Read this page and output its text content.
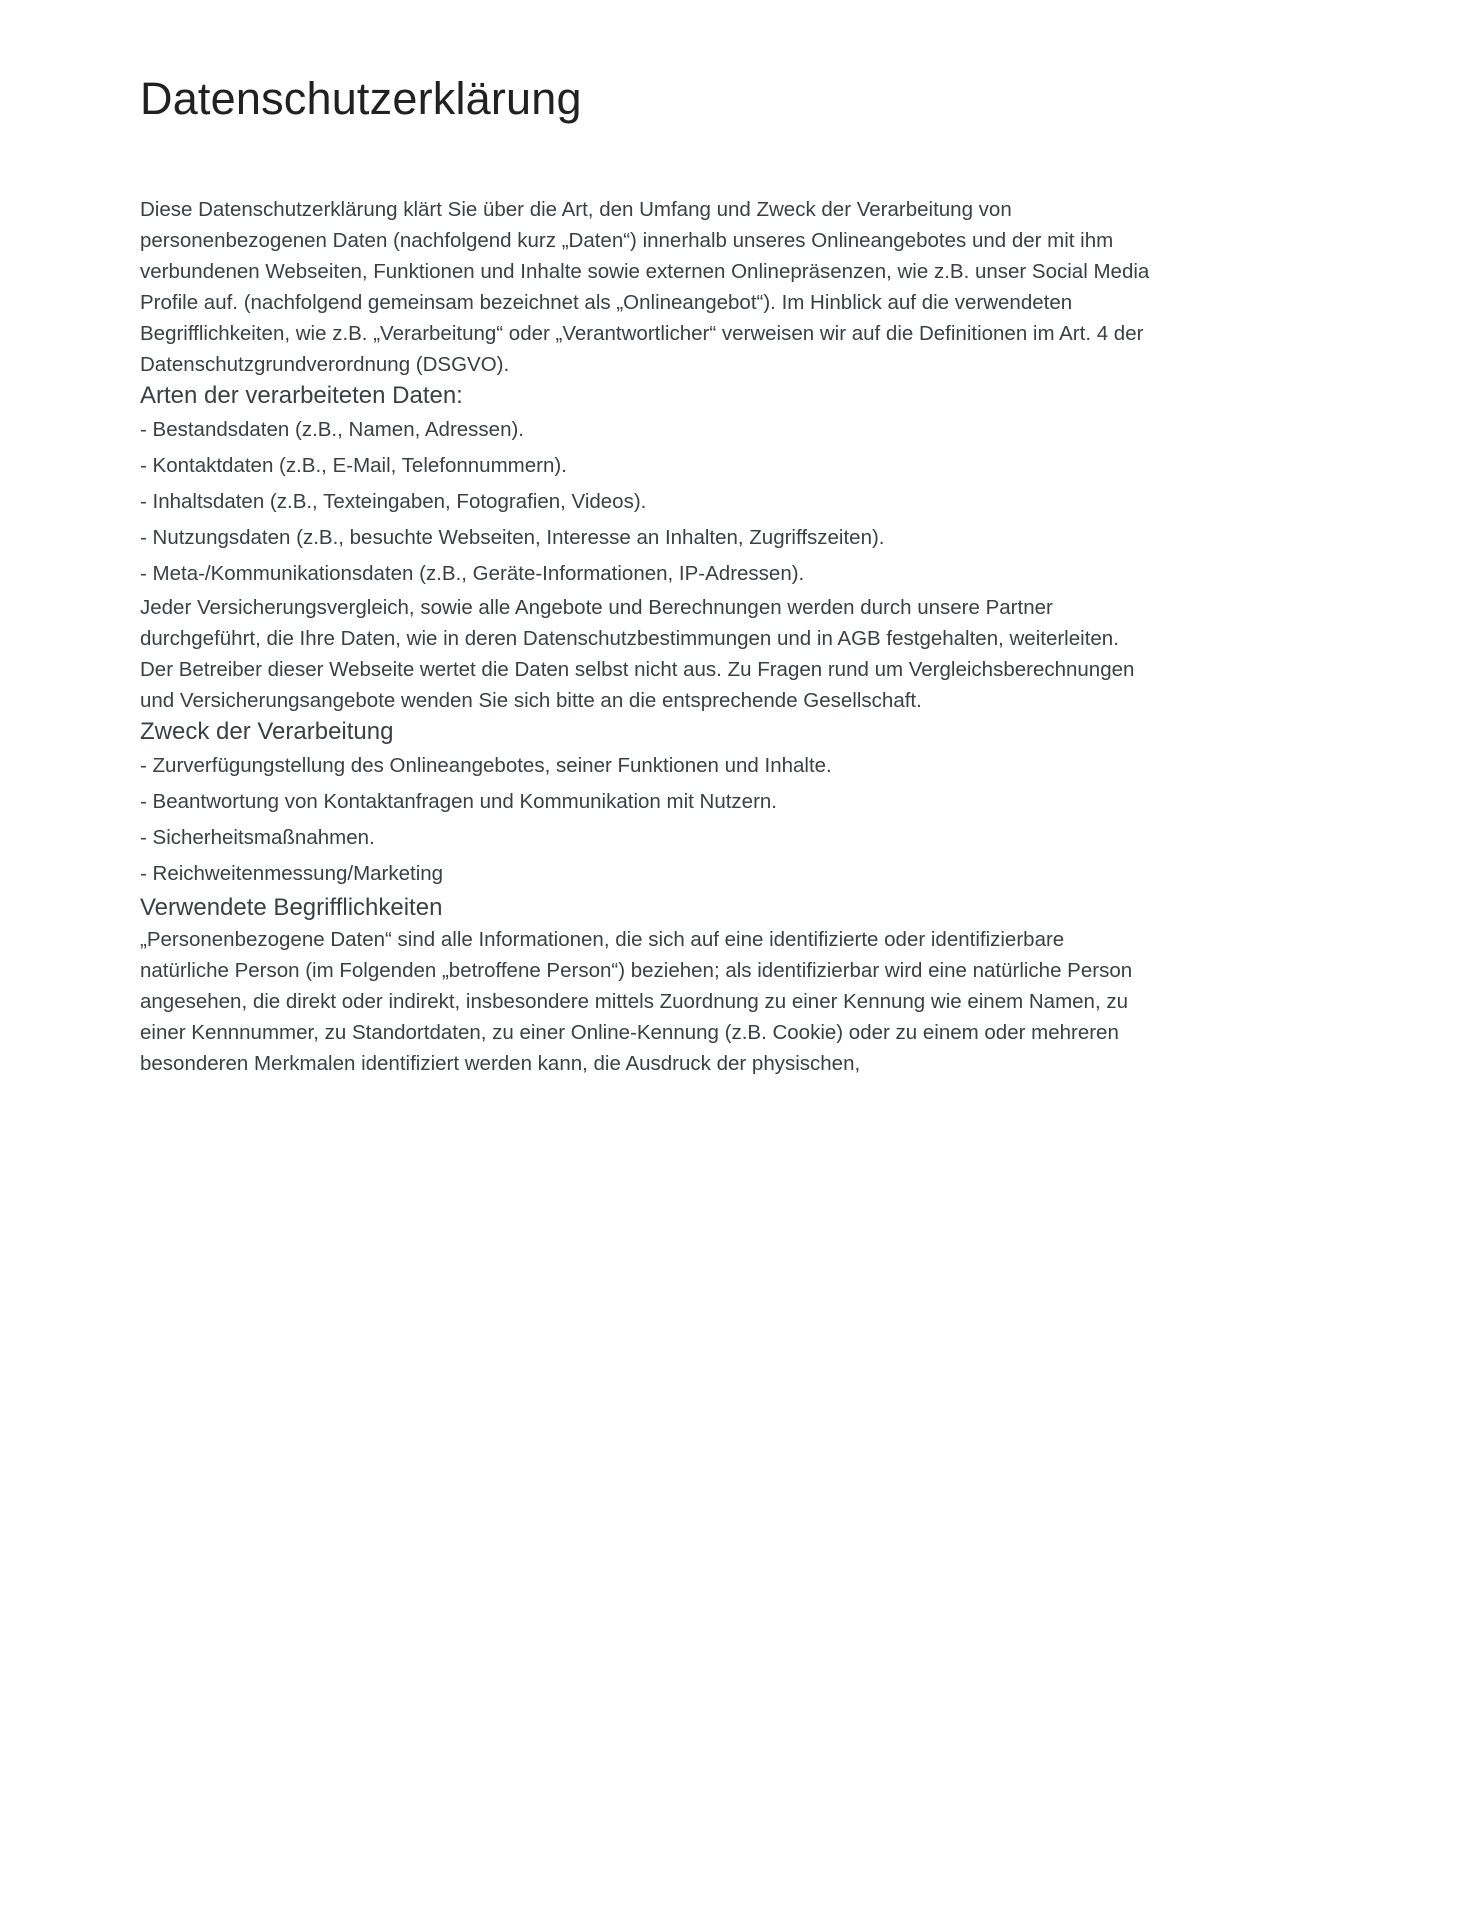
Datenschutzerklärung

Diese Datenschutzerklärung klärt Sie über die Art, den Umfang und Zweck der Verarbeitung von personenbezogenen Daten (nachfolgend kurz „Daten“) innerhalb unseres Onlineangebotes und der mit ihm verbundenen Webseiten, Funktionen und Inhalte sowie externen Onlinepräsenzen, wie z.B. unser Social Media Profile auf. (nachfolgend gemeinsam bezeichnet als „Onlineangebot“). Im Hinblick auf die verwendeten Begrifflichkeiten, wie z.B. „Verarbeitung“ oder „Verantwortlicher“ verweisen wir auf die Definitionen im Art. 4 der Datenschutzgrundverordnung (DSGVO).

Arten der verarbeiteten Daten:
- Bestandsdaten (z.B., Namen, Adressen).
- Kontaktdaten (z.B., E-Mail, Telefonnummern).
- Inhaltsdaten (z.B., Texteingaben, Fotografien, Videos).
- Nutzungsdaten (z.B., besuchte Webseiten, Interesse an Inhalten, Zugriffszeiten).
- Meta-/Kommunikationsdaten (z.B., Geräte-Informationen, IP-Adressen).

Jeder Versicherungsvergleich, sowie alle Angebote und Berechnungen werden durch unsere Partner durchgeführt, die Ihre Daten, wie in deren Datenschutzbestimmungen und in AGB festgehalten, weiterleiten. Der Betreiber dieser Webseite wertet die Daten selbst nicht aus. Zu Fragen rund um Vergleichsberechnungen und Versicherungsangebote wenden Sie sich bitte an die entsprechende Gesellschaft.

Zweck der Verarbeitung
- Zurverfügungstellung des Onlineangebotes, seiner Funktionen und Inhalte.
- Beantwortung von Kontaktanfragen und Kommunikation mit Nutzern.
- Sicherheitsmaßnahmen.
- Reichweitenmessung/Marketing
Verwendete Begrifflichkeiten

„Personenbezogene Daten“ sind alle Informationen, die sich auf eine identifizierte oder identifizierbare natürliche Person (im Folgenden „betroffene Person“) beziehen; als identifizierbar wird eine natürliche Person angesehen, die direkt oder indirekt, insbesondere mittels Zuordnung zu einer Kennung wie einem Namen, zu einer Kennnummer, zu Standortdaten, zu einer Online-Kennung (z.B. Cookie) oder zu einem oder mehreren besonderen Merkmalen identifiziert werden kann, die Ausdruck der physischen,
